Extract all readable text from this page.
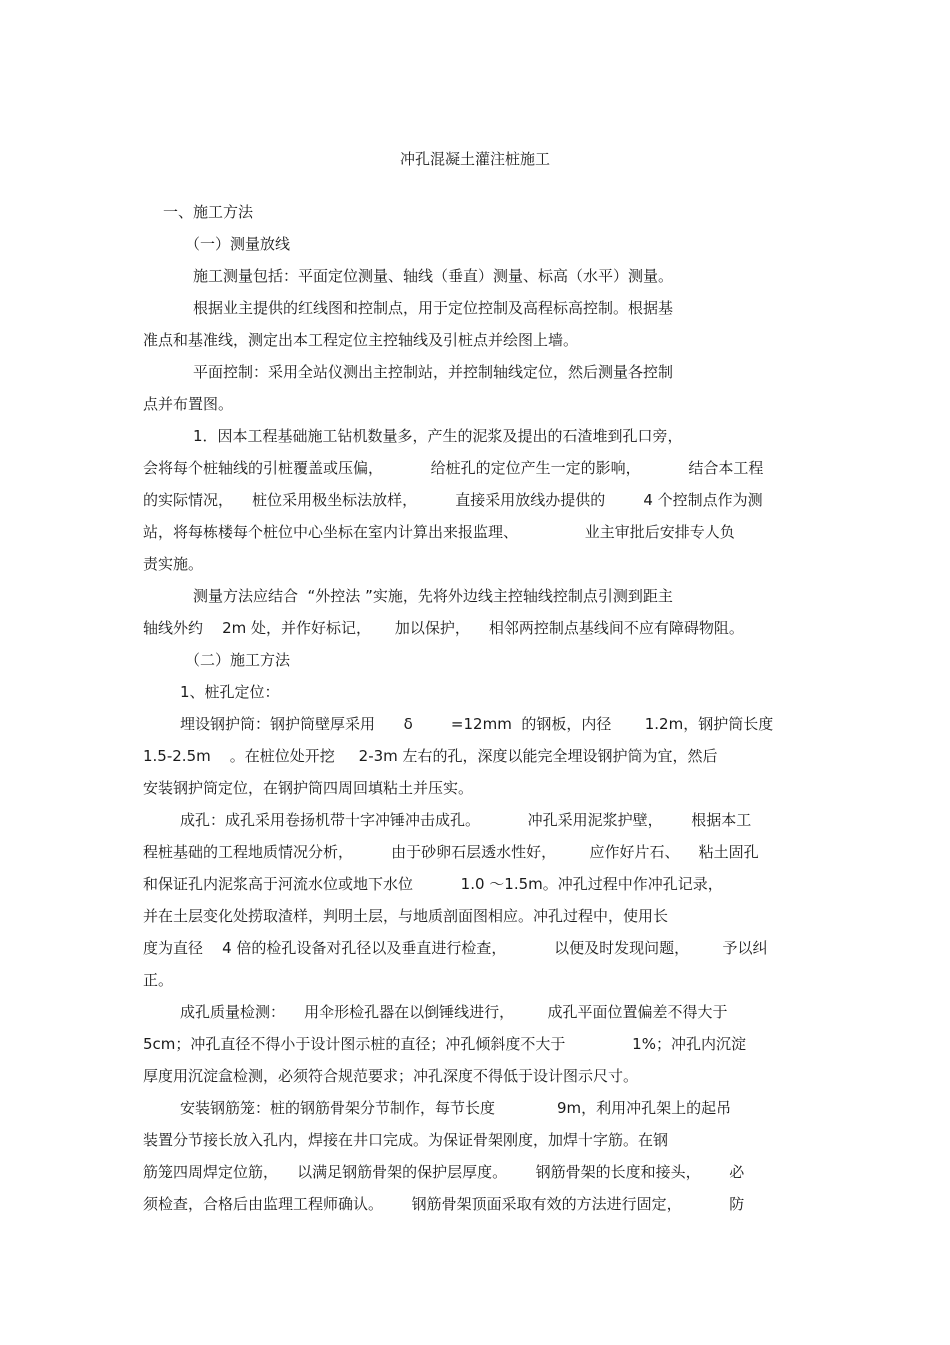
冲孔混凝土灌注桩施工
一、施工方法
（一）测量放线
施工测量包括：平面定位测量、轴线（垂直）测量、标高（水平）测量。
根据业主提供的红线图和控制点，用于定位控制及高程标高控制。根据基
准点和基准线，测定出本工程定位主控轴线及引桩点并绘图上墙。
平面控制：采用全站仪测出主控制站，并控制轴线定位，然后测量各控制
点并布置图。
1．因本工程基础施工钻机数量多，产生的泥浆及提出的石渣堆到孔口旁，
会将每个桩轴线的引桩覆盖或压偏，          给桩孔的定位产生一定的影响，          结合本工程
的实际情况，    桩位采用极坐标法放样，        直接采用放线办提供的        4 个控制点作为测
站，将每栋楼每个桩位中心坐标在室内计算出来报监理、              业主审批后安排专人负
责实施。
测量方法应结合  “外控法 ”实施，先将外边线主控轴线控制点引测到距主
轴线外约    2m 处，并作好标记，     加以保护，    相邻两控制点基线间不应有障碍物阻。
（二）施工方法
1、桩孔定位：
埋设钢护筒：钢护筒壁厚采用      δ        =12mm  的钢板，内径       1.2m，钢护筒长度
1.5-2.5m    。在桩位处开挖     2-3m 左右的孔，深度以能完全埋设钢护筒为宜，然后
安装钢护筒定位，在钢护筒四周回填粘土并压实。
成孔：成孔采用卷扬机带十字冲锤冲击成孔。          冲孔采用泥浆护壁，      根据本工
程桩基础的工程地质情况分析，        由于砂卵石层透水性好，       应作好片石、    粘土固孔
和保证孔内泥浆高于河流水位或地下水位          1.0 ～1.5m。冲孔过程中作冲孔记录，
并在土层变化处捞取渣样，判明土层，与地质剖面图相应。冲孔过程中，使用长
度为直径    4 倍的检孔设备对孔径以及垂直进行检查，          以便及时发现问题，       予以纠
正。
成孔质量检测：    用伞形检孔器在以倒锤线进行，       成孔平面位置偏差不得大于
5cm；冲孔直径不得小于设计图示桩的直径；冲孔倾斜度不大于              1%；冲孔内沉淀
厚度用沉淀盒检测，必须符合规范要求；冲孔深度不得低于设计图示尺寸。
安装钢筋笼：桩的钢筋骨架分节制作，每节长度             9m，利用冲孔架上的起吊
装置分节接长放入孔内，焊接在井口完成。为保证骨架刚度，加焊十字筋。在钢
筋笼四周焊定位筋，    以满足钢筋骨架的保护层厚度。      钢筋骨架的长度和接头，      必
须检查，合格后由监理工程师确认。      钢筋骨架顶面采取有效的方法进行固定，          防
